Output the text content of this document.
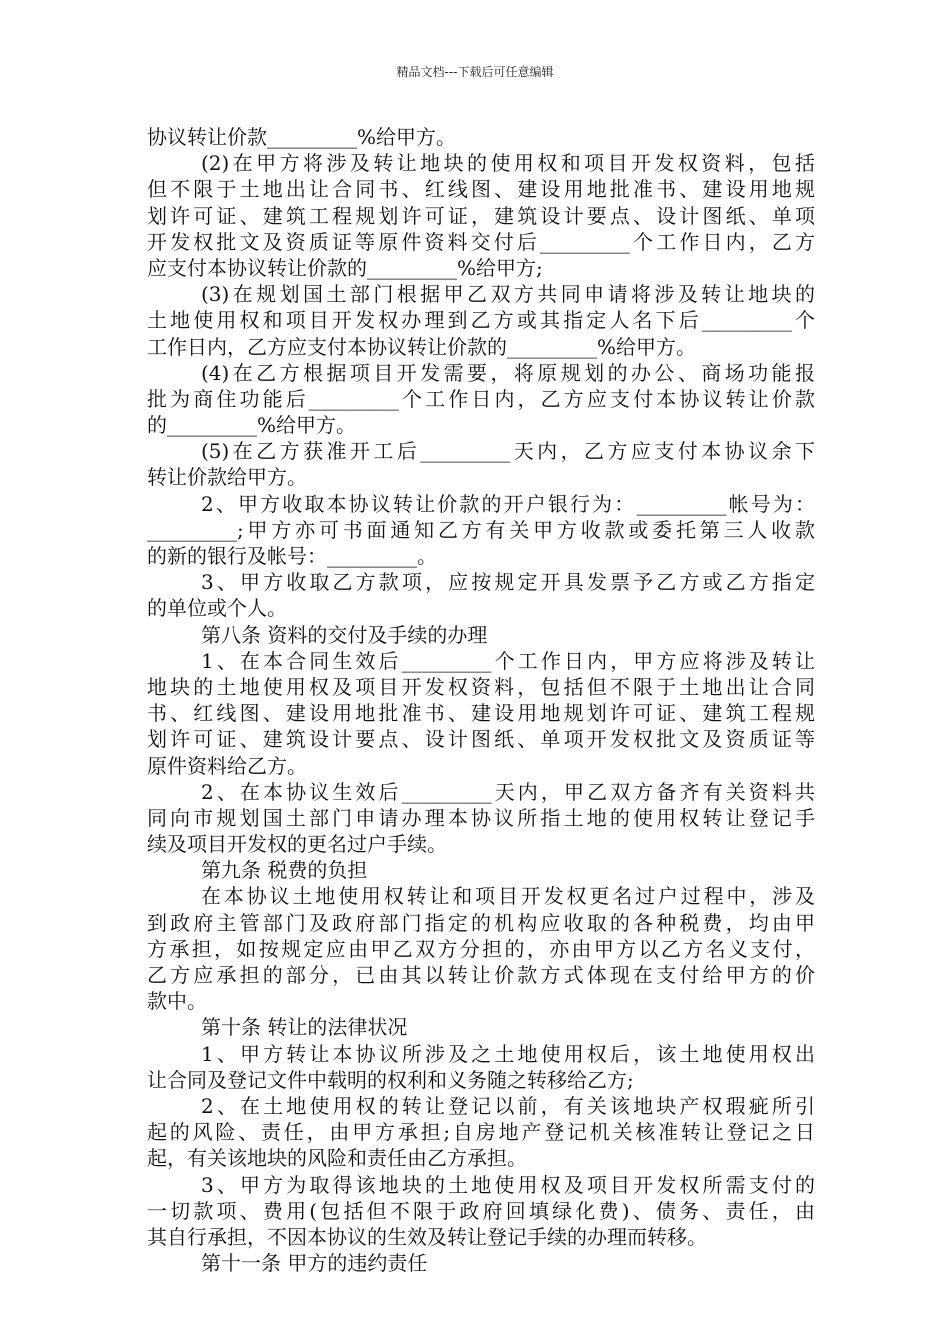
精品文档---下载后可任意编辑
协议转让价款_________%给甲方。
(2)在甲方将涉及转让地块的使用权和项目开发权资料，包括
但不限于土地出让合同书、红线图、建设用地批准书、建设用地规
划许可证、建筑工程规划许可证，建筑设计要点、设计图纸、单项
开发权批文及资质证等原件资料交付后_________个工作日内，乙方
应支付本协议转让价款的_________%给甲方;
(3)在规划国土部门根据甲乙双方共同申请将涉及转让地块的
土地使用权和项目开发权办理到乙方或其指定人名下后_________个
工作日内，乙方应支付本协议转让价款的_________%给甲方。
(4)在乙方根据项目开发需要，将原规划的办公、商场功能报
批为商住功能后_________个工作日内，乙方应支付本协议转让价款
的_________%给甲方。
(5)在乙方获准开工后_________天内，乙方应支付本协议余下
转让价款给甲方。
2、甲方收取本协议转让价款的开户银行为：_________帐号为：
_________;甲方亦可书面通知乙方有关甲方收款或委托第三人收款
的新的银行及帐号：_________。
3、甲方收取乙方款项，应按规定开具发票予乙方或乙方指定
的单位或个人。
第八条 资料的交付及手续的办理
1、在本合同生效后_________个工作日内，甲方应将涉及转让
地块的土地使用权及项目开发权资料，包括但不限于土地出让合同
书、红线图、建设用地批准书、建设用地规划许可证、建筑工程规
划许可证、建筑设计要点、设计图纸、单项开发权批文及资质证等
原件资料给乙方。
2、在本协议生效后_________天内，甲乙双方备齐有关资料共
同向市规划国土部门申请办理本协议所指土地的使用权转让登记手
续及项目开发权的更名过户手续。
第九条 税费的负担
在本协议土地使用权转让和项目开发权更名过户过程中，涉及
到政府主管部门及政府部门指定的机构应收取的各种税费，均由甲
方承担，如按规定应由甲乙双方分担的，亦由甲方以乙方名义支付，
乙方应承担的部分，已由其以转让价款方式体现在支付给甲方的价
款中。
第十条 转让的法律状况
1、甲方转让本协议所涉及之土地使用权后，该土地使用权出
让合同及登记文件中载明的权利和义务随之转移给乙方;
2、在土地使用权的转让登记以前，有关该地块产权瑕疵所引
起的风险、责任，由甲方承担;自房地产登记机关核准转让登记之日
起，有关该地块的风险和责任由乙方承担。
3、甲方为取得该地块的土地使用权及项目开发权所需支付的
一切款项、费用(包括但不限于政府回填绿化费)、债务、责任，由
其自行承担，不因本协议的生效及转让登记手续的办理而转移。
第十一条 甲方的违约责任
